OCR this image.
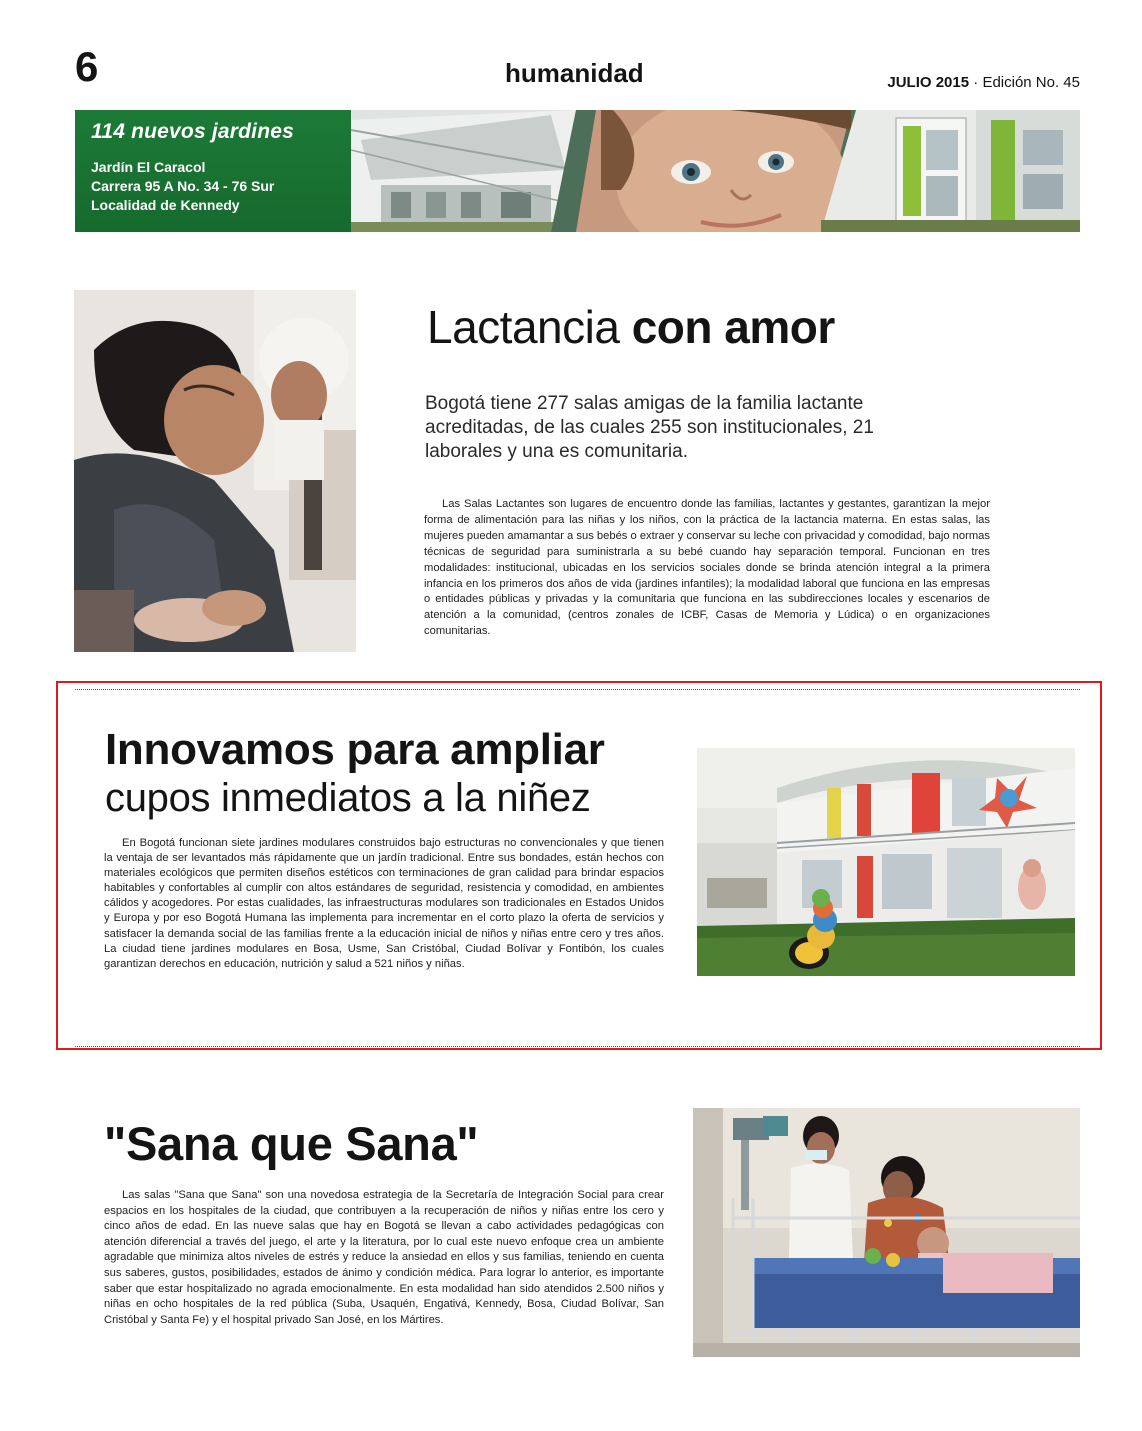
6	humanidad	JULIO 2015 · Edición No. 45
114 nuevos jardines
Jardín El Caracol
Carrera 95 A No. 34 - 76 Sur
Localidad de Kennedy
Lactancia con amor
Bogotá tiene 277 salas amigas de la familia lactante acreditadas, de las cuales 255 son institucionales, 21 laborales y una es comunitaria.
Las Salas Lactantes son lugares de encuentro donde las familias, lactantes y gestantes, garantizan la mejor forma de alimentación para las niñas y los niños, con la práctica de la lactancia materna. En estas salas, las mujeres pueden amamantar a sus bebés o extraer y conservar su leche con privacidad y comodidad, bajo normas técnicas de seguridad para suministrarla a su bebé cuando hay separación temporal. Funcionan en tres modalidades: institucional, ubicadas en los servicios sociales donde se brinda atención integral a la primera infancia en los primeros dos años de vida (jardines infantiles); la modalidad laboral que funciona en las empresas o entidades públicas y privadas y la comunitaria que funciona en las subdirecciones locales y escenarios de atención a la comunidad, (centros zonales de ICBF, Casas de Memoria y Lúdica) o en organizaciones comunitarias.
Innovamos para ampliar
cupos inmediatos a la niñez
En Bogotá funcionan siete jardines modulares construidos bajo estructuras no convencionales y que tienen la ventaja de ser levantados más rápidamente que un jardín tradicional. Entre sus bondades, están hechos con materiales ecológicos que permiten diseños estéticos con terminaciones de gran calidad para brindar espacios habitables y confortables al cumplir con altos estándares de seguridad, resistencia y comodidad, en ambientes cálidos y acogedores. Por estas cualidades, las infraestructuras modulares son tradicionales en Estados Unidos y Europa y por eso Bogotá Humana las implementa para incrementar en el corto plazo la oferta de servicios y satisfacer la demanda social de las familias frente a la educación inicial de niños y niñas entre cero y tres años. La ciudad tiene jardines modulares en Bosa, Usme, San Cristóbal, Ciudad Bolívar y Fontibón, los cuales garantizan derechos en educación, nutrición y salud a 521 niños y niñas.
"Sana que Sana"
Las salas "Sana que Sana" son una novedosa estrategia de la Secretaría de Integración Social para crear espacios en los hospitales de la ciudad, que contribuyen a la recuperación de niños y niñas entre los cero y cinco años de edad. En las nueve salas que hay en Bogotá se llevan a cabo actividades pedagógicas con atención diferencial a través del juego, el arte y la literatura, por lo cual este nuevo enfoque crea un ambiente agradable que minimiza altos niveles de estrés y reduce la ansiedad en ellos y sus familias, teniendo en cuenta sus saberes, gustos, posibilidades, estados de ánimo y condición médica. Para lograr lo anterior, es importante saber que estar hospitalizado no agrada emocionalmente. En esta modalidad han sido atendidos 2.500 niños y niñas en ocho hospitales de la red pública (Suba, Usaquén, Engativá, Kennedy, Bosa, Ciudad Bolívar, San Cristóbal y Santa Fe) y el hospital privado San José, en los Mártires.
